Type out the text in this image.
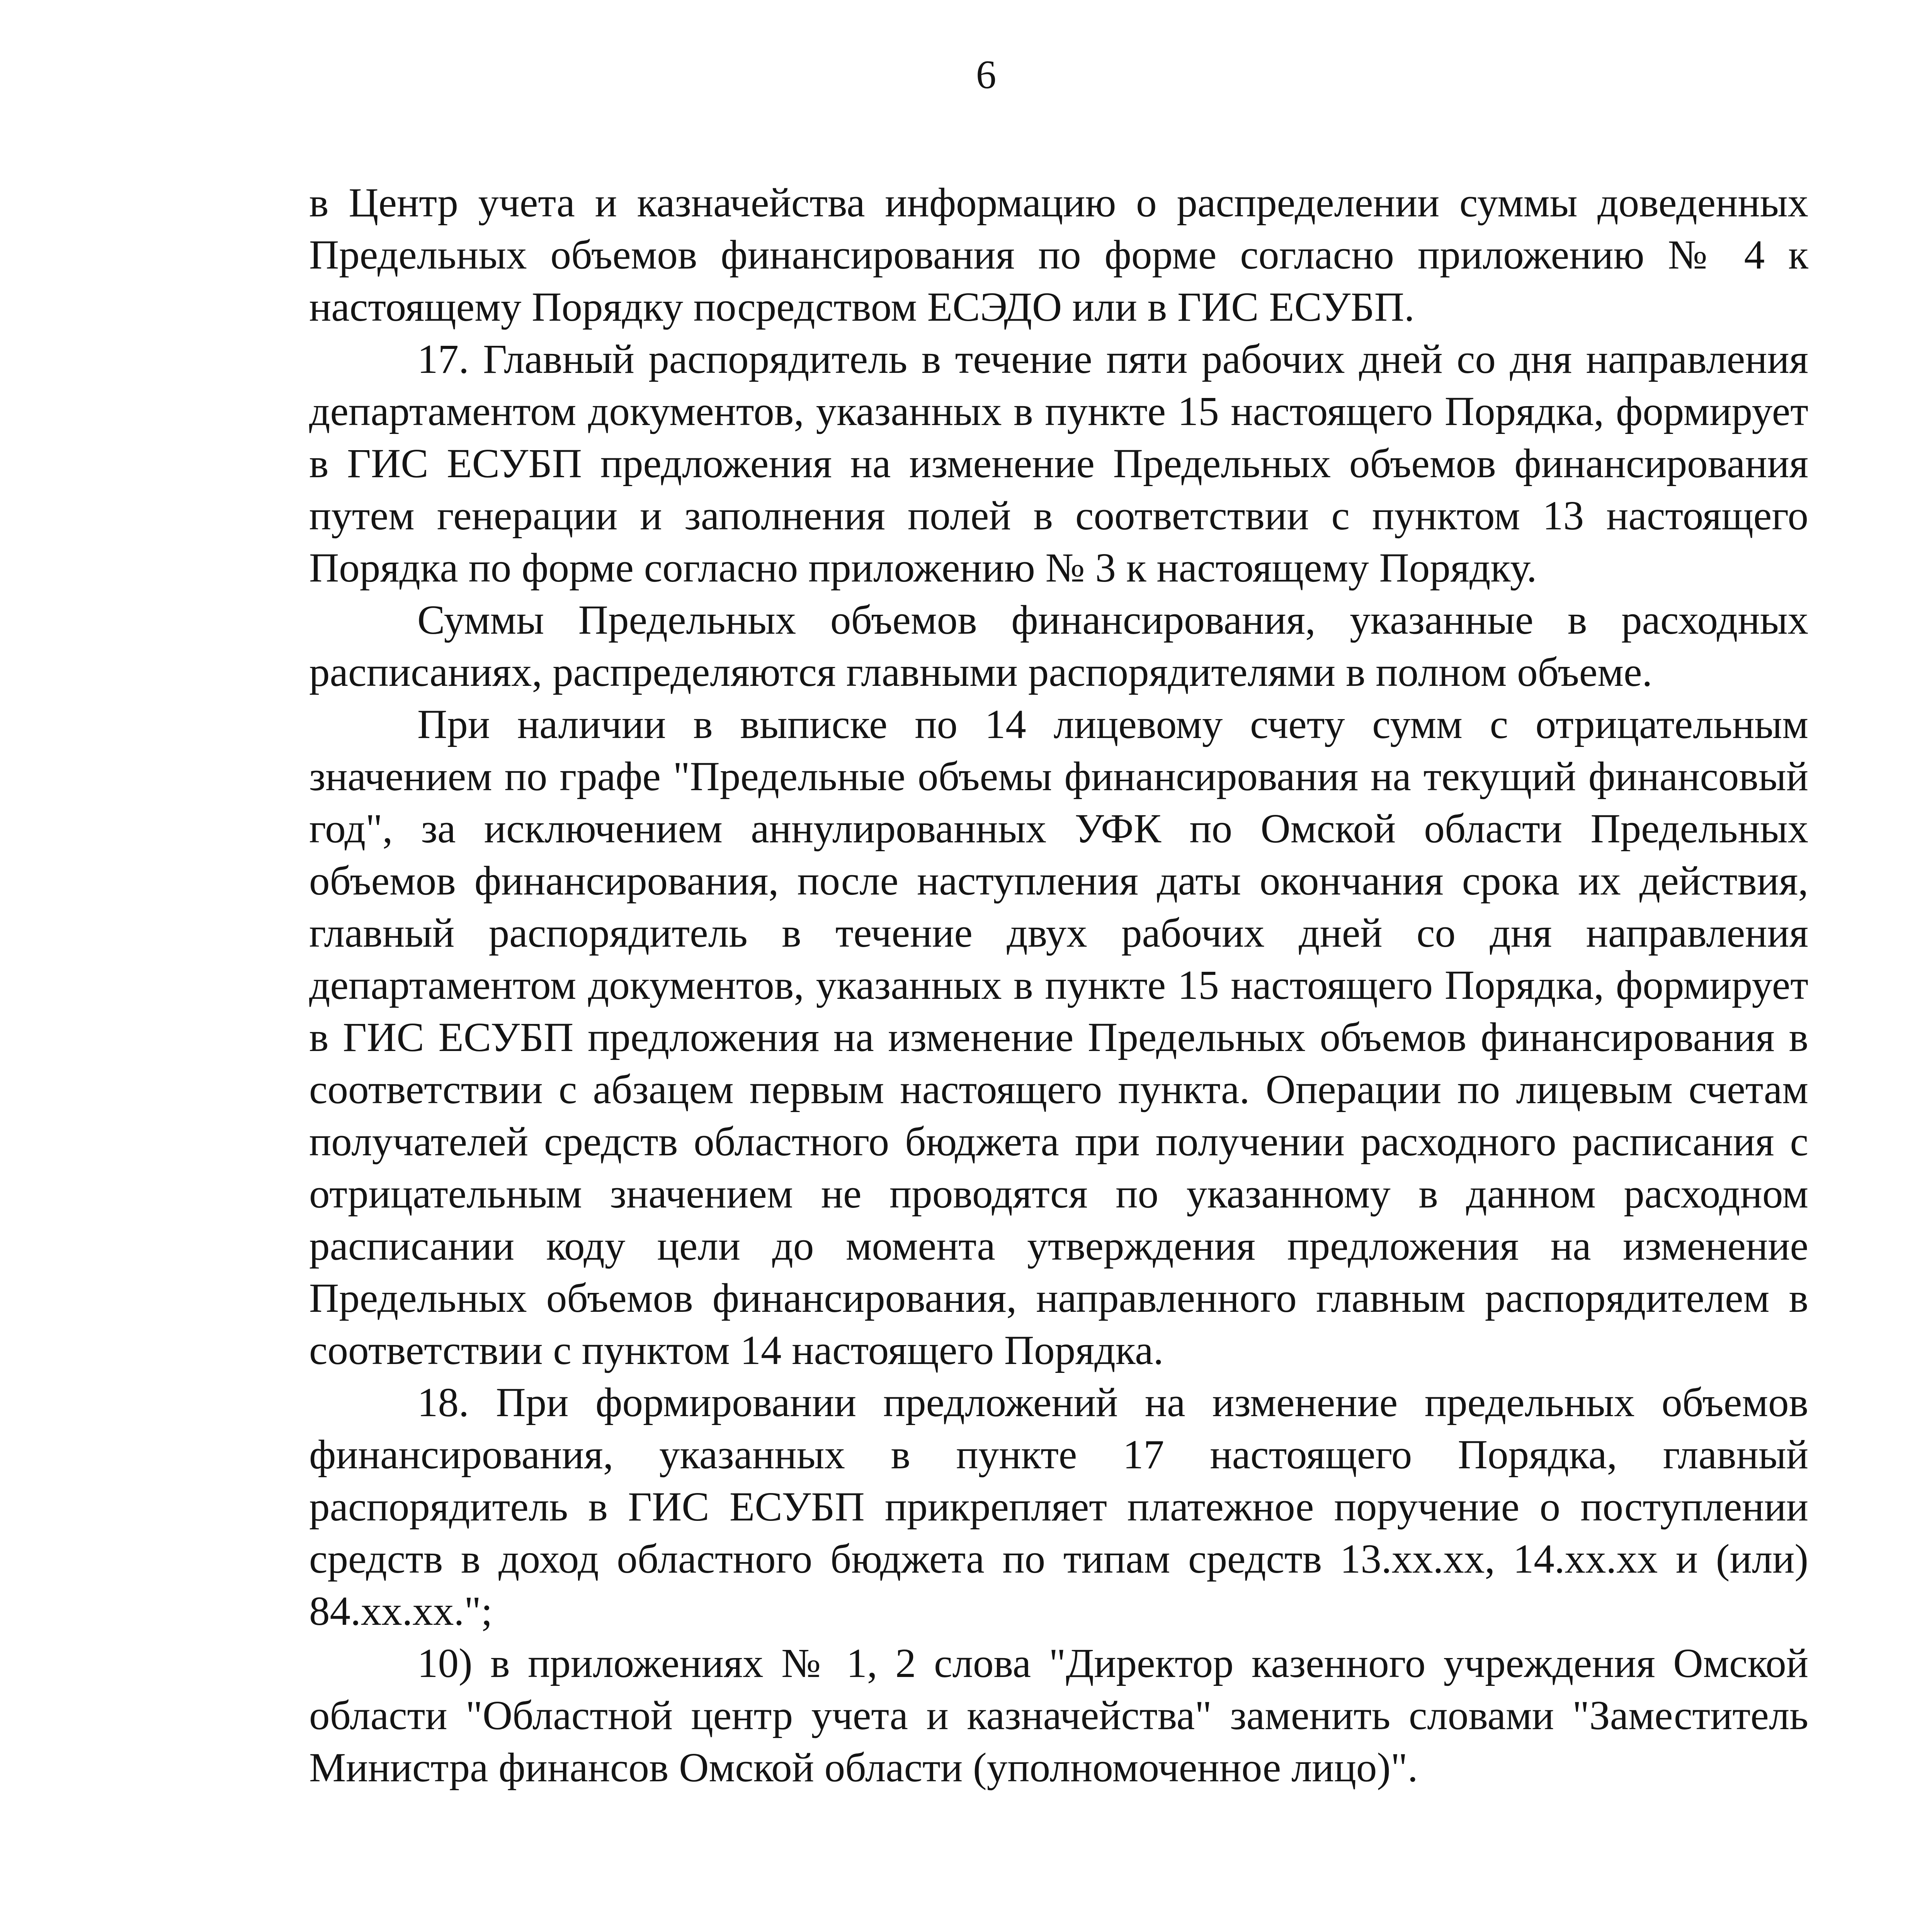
6

в Центр учета и казначейства информацию о распределении суммы доведенных Предельных объемов финансирования по форме согласно приложению № 4 к настоящему Порядку посредством ЕСЭДО или в ГИС ЕСУБП.

17. Главный распорядитель в течение пяти рабочих дней со дня направления департаментом документов, указанных в пункте 15 настоящего Порядка, формирует в ГИС ЕСУБП предложения на изменение Предельных объемов финансирования путем генерации и заполнения полей в соответствии с пунктом 13 настоящего Порядка по форме согласно приложению № 3 к настоящему Порядку.

Суммы Предельных объемов финансирования, указанные в расходных расписаниях, распределяются главными распорядителями в полном объеме.

При наличии в выписке по 14 лицевому счету сумм с отрицательным значением по графе "Предельные объемы финансирования на текущий финансовый год", за исключением аннулированных УФК по Омской области Предельных объемов финансирования, после наступления даты окончания срока их действия, главный распорядитель в течение двух рабочих дней со дня направления департаментом документов, указанных в пункте 15 настоящего Порядка, формирует в ГИС ЕСУБП предложения на изменение Предельных объемов финансирования в соответствии с абзацем первым настоящего пункта. Операции по лицевым счетам получателей средств областного бюджета при получении расходного расписания с отрицательным значением не проводятся по указанному в данном расходном расписании коду цели до момента утверждения предложения на изменение Предельных объемов финансирования, направленного главным распорядителем в соответствии с пунктом 14 настоящего Порядка.

18. При формировании предложений на изменение предельных объемов финансирования, указанных в пункте 17 настоящего Порядка, главный распорядитель в ГИС ЕСУБП прикрепляет платежное поручение о поступлении средств в доход областного бюджета по типам средств 13.xx.xx, 14.xx.xx и (или) 84.xx.xx.";

10) в приложениях № 1, 2 слова "Директор казенного учреждения Омской области "Областной центр учета и казначейства" заменить словами "Заместитель Министра финансов Омской области (уполномоченное лицо)".
